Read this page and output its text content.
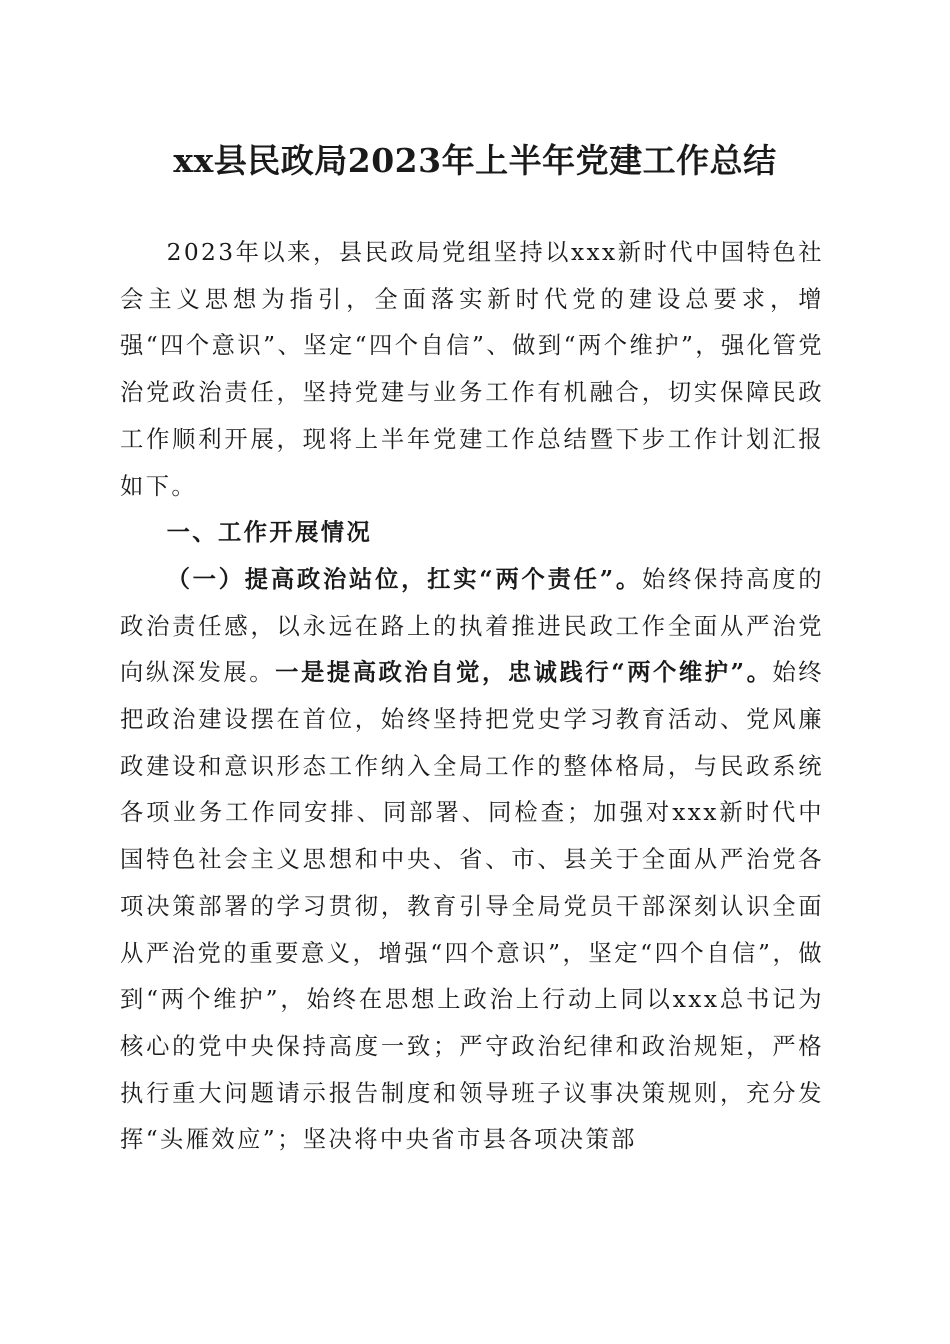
xx县民政局2023年上半年党建工作总结

2023年以来，县民政局党组坚持以xxx新时代中国特色社会主义思想为指引，全面落实新时代党的建设总要求，增强“四个意识”、坚定“四个自信”、做到“两个维护”，强化管党治党政治责任，坚持党建与业务工作有机融合，切实保障民政工作顺利开展，现将上半年党建工作总结暨下步工作计划汇报如下。

一、工作开展情况

（一）提高政治站位，扛实“两个责任”。始终保持高度的政治责任感，以永远在路上的执着推进民政工作全面从严治党向纵深发展。一是提高政治自觉，忠诚践行“两个维护”。始终把政治建设摆在首位，始终坚持把党史学习教育活动、党风廉政建设和意识形态工作纳入全局工作的整体格局，与民政系统各项业务工作同安排、同部署、同检查；加强对xxx新时代中国特色社会主义思想和中央、省、市、县关于全面从严治党各项决策部署的学习贯彻，教育引导全局党员干部深刻认识全面从严治党的重要意义，增强“四个意识”，坚定“四个自信”，做到“两个维护”，始终在思想上政治上行动上同以xxx总书记为核心的党中央保持高度一致；严守政治纪律和政治规矩，严格执行重大问题请示报告制度和领导班子议事决策规则，充分发挥“头雁效应”；坚决将中央省市县各项决策部
